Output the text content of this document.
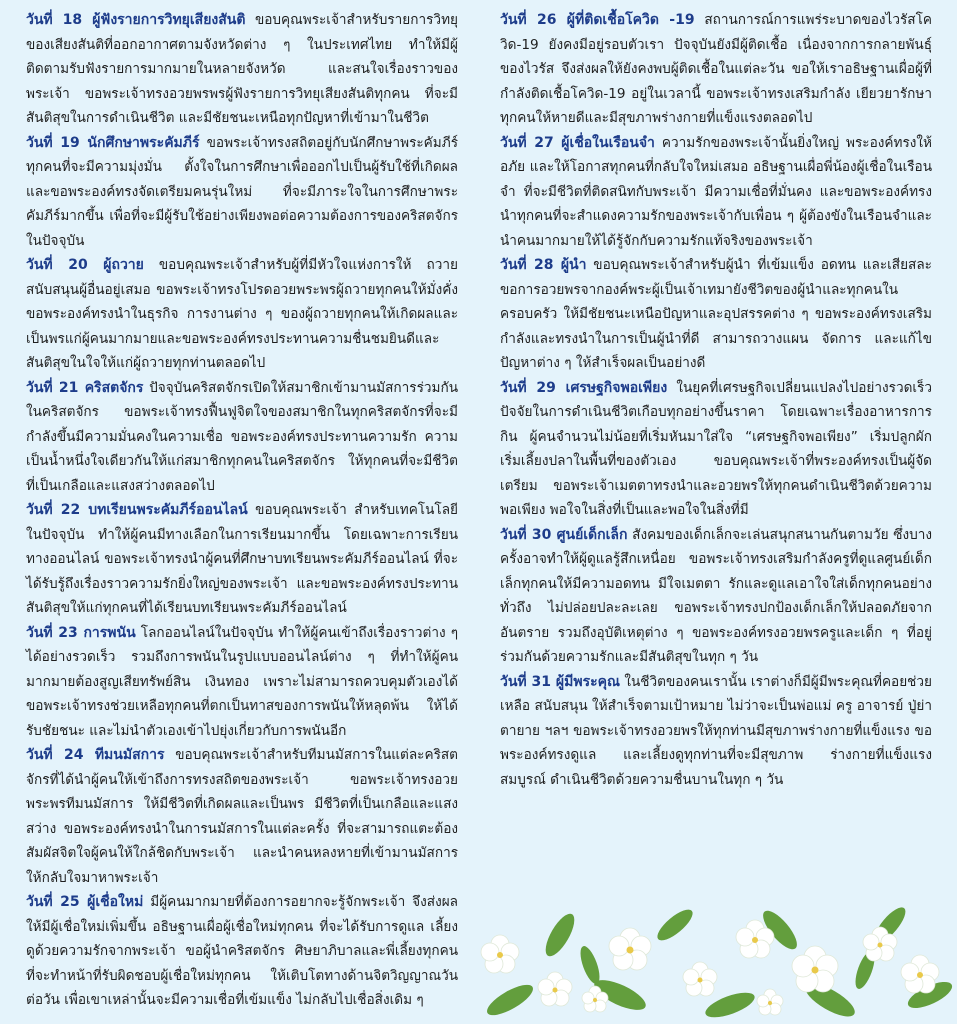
วันที่ 18 ผู้ฟังรายการวิทยุเสียงสันติ ขอบคุณพระเจ้าสำหรับรายการวิทยุของเสียงสันติที่ออกอากาศตามจังหวัดต่าง ๆ ในประเทศไทย ทำให้มีผู้ติดตามรับฟังรายการมากมายในหลายจังหวัด และสนใจเรื่องราวของพระเจ้า ขอพระเจ้าทรงอวยพรพรผู้ฟังรายการวิทยุเสียงสันติทุกคน ที่จะมีสันติสุขในการดำเนินชีวิต และมีชัยชนะเหนือทุกปัญหาที่เข้ามาในชีวิต

วันที่ 19 นักศึกษาพระคัมภีร์ ขอพระเจ้าทรงสถิตอยู่กับนักศึกษาพระคัมภีร์ทุกคนที่จะมีความมุ่งมั่น ตั้งใจในการศึกษาเพื่อออกไปเป็นผู้รับใช้ที่เกิดผล และขอพระองค์ทรงจัดเตรียมคนรุ่นใหม่ ที่จะมีภาระใจในการศึกษาพระคัมภีร์มากขึ้น เพื่อที่จะมีผู้รับใช้อย่างเพียงพอต่อความต้องการของคริสตจักรในปัจจุบัน

วันที่ 20 ผู้ถวาย ขอบคุณพระเจ้าสำหรับผู้ที่มีหัวใจแห่งการให้ ถวาย สนับสนุนผู้อื่นอยู่เสมอ ขอพระเจ้าทรงโปรดอวยพระพรผู้ถวายทุกคนให้มั่งคั่ง ขอพระองค์ทรงนำในธุรกิจ การงานต่าง ๆ ของผู้ถวายทุกคนให้เกิดผลและเป็นพรแก่ผู้คนมากมายและขอพระองค์ทรงประทานความชื่นชมยินดีและสันติสุขในใจให้แก่ผู้ถวายทุกท่านตลอดไป

วันที่ 21 คริสตจักร ปัจจุบันคริสตจักรเปิดให้สมาชิกเข้ามานมัสการร่วมกันในคริสตจักร ขอพระเจ้าทรงฟื้นฟูจิตใจของสมาชิกในทุกคริสตจักรที่จะมีกำลังขึ้นมีความมั่นคงในความเชื่อ ขอพระองค์ทรงประทานความรัก ความเป็นน้ำหนึ่งใจเดียวกันให้แก่สมาชิกทุกคนในคริสตจักร ให้ทุกคนที่จะมีชีวิตที่เป็นเกลือและแสงสว่างตลอดไป

วันที่ 22 บทเรียนพระคัมภีร์ออนไลน์ ขอบคุณพระเจ้า สำหรับเทคโนโลยีในปัจจุบัน ทำให้ผู้คนมีทางเลือกในการเรียนมากขึ้น โดยเฉพาะการเรียนทางออนไลน์ ขอพระเจ้าทรงนำผู้คนที่ศึกษาบทเรียนพระคัมภีร์ออนไลน์ ที่จะได้รับรู้ถึงเรื่องราวความรักยิ่งใหญ่ของพระเจ้า และขอพระองค์ทรงประทานสันติสุขให้แก่ทุกคนที่ได้เรียนบทเรียนพระคัมภีร์ออนไลน์

วันที่ 23 การพนัน โลกออนไลน์ในปัจจุบัน ทำให้ผู้คนเข้าถึงเรื่องราวต่าง ๆ ได้อย่างรวดเร็ว รวมถึงการพนันในรูปแบบออนไลน์ต่าง ๆ ที่ทำให้ผู้คนมากมายต้องสูญเสียทรัพย์สิน เงินทอง เพราะไม่สามารถควบคุมตัวเองได้ ขอพระเจ้าทรงช่วยเหลือทุกคนที่ตกเป็นทาสของการพนันให้หลุดพ้น ให้ได้รับชัยชนะ และไม่นำตัวเองเข้าไปยุ่งเกี่ยวกับการพนันอีก

วันที่ 24 ทีมนมัสการ ขอบคุณพระเจ้าสำหรับทีมนมัสการในแต่ละคริสตจักรที่ได้นำผู้คนให้เข้าถึงการทรงสถิตของพระเจ้า ขอพระเจ้าทรงอวยพระพรทีมนมัสการ ให้มีชีวิตที่เกิดผลและเป็นพร มีชีวิตที่เป็นเกลือและแสงสว่าง ขอพระองค์ทรงนำในการนมัสการในแต่ละครั้ง ที่จะสามารถแตะต้องสัมผัสจิตใจผู้คนให้ใกล้ชิดกับพระเจ้า และนำคนหลงหายที่เข้ามานมัสการให้กลับใจมาหาพระเจ้า

วันที่ 25 ผู้เชื่อใหม่ มีผู้คนมากมายที่ต้องการอยากจะรู้จักพระเจ้า จึงส่งผลให้มีผู้เชื่อใหม่เพิ่มขึ้น อธิษฐานเผื่อผู้เชื่อใหม่ทุกคน ที่จะได้รับการดูแล เลี้ยงดูด้วยความรักจากพระเจ้า ขอผู้นำคริสตจักร ศิษยาภิบาลและพี่เลี้ยงทุกคน ที่จะทำหน้าที่รับผิดชอบผู้เชื่อใหม่ทุกคน ให้เติบโตทางด้านจิตวิญญาณวันต่อวัน เพื่อเขาเหล่านั้นจะมีความเชื่อที่เข้มแข็ง ไม่กลับไปเชื่อสิ่งเดิม ๆ

วันที่ 26 ผู้ที่ติดเชื้อโควิด -19 สถานการณ์การแพร่ระบาดของไวรัสโควิด-19 ยังคงมีอยู่รอบตัวเรา ปัจจุบันยังมีผู้ติดเชื้อ เนื่องจากการกลายพันธุ์ของไวรัส จึงส่งผลให้ยังคงพบผู้ติดเชื้อในแต่ละวัน ขอให้เราอธิษฐานเผื่อผู้ที่กำลังติดเชื้อโควิด-19 อยู่ในเวลานี้ ขอพระเจ้าทรงเสริมกำลัง เยียวยารักษาทุกคนให้หายดีและมีสุขภาพร่างกายที่แข็งแรงตลอดไป

วันที่ 27 ผู้เชื่อในเรือนจำ ความรักของพระเจ้านั้นยิ่งใหญ่ พระองค์ทรงให้อภัย และให้โอกาสทุกคนที่กลับใจใหม่เสมอ อธิษฐานเผื่อพี่น้องผู้เชื่อในเรือนจำ ที่จะมีชีวิตที่ติดสนิทกับพระเจ้า มีความเชื่อที่มั่นคง และขอพระองค์ทรงนำทุกคนที่จะสำแดงความรักของพระเจ้ากับเพื่อน ๆ ผู้ต้องขังในเรือนจำและนำคนมากมายให้ได้รู้จักกับความรักแท้จริงของพระเจ้า

วันที่ 28 ผู้นำ ขอบคุณพระเจ้าสำหรับผู้นำ ที่เข้มแข็ง อดทน และเสียสละ ขอการอวยพรจากองค์พระผู้เป็นเจ้าเทมายังชีวิตของผู้นำและทุกคนในครอบครัว ให้มีชัยชนะเหนือปัญหาและอุปสรรคต่าง ๆ ขอพระองค์ทรงเสริมกำลังและทรงนำในการเป็นผู้นำที่ดี สามารถวางแผน จัดการ และแก้ไขปัญหาต่าง ๆ ให้สำเร็จผลเป็นอย่างดี

วันที่ 29 เศรษฐกิจพอเพียง ในยุคที่เศรษฐกิจเปลี่ยนแปลงไปอย่างรวดเร็ว ปัจจัยในการดำเนินชีวิตเกือบทุกอย่างขึ้นราคา โดยเฉพาะเรื่องอาหารการกิน ผู้คนจำนวนไม่น้อยที่เริ่มหันมาใส่ใจ “เศรษฐกิจพอเพียง” เริ่มปลูกผัก เริ่มเลี้ยงปลาในพื้นที่ของตัวเอง ขอบคุณพระเจ้าที่พระองค์ทรงเป็นผู้จัดเตรียม ขอพระเจ้าเมตตาทรงนำและอวยพรให้ทุกคนดำเนินชีวิตด้วยความพอเพียง พอใจในสิ่งที่เป็นและพอใจในสิ่งที่มี

วันที่ 30 ศูนย์เด็กเล็ก สังคมของเด็กเล็กจะเล่นสนุกสนานกันตามวัย ซึ่งบางครั้งอาจทำให้ผู้ดูแลรู้สึกเหนื่อย ขอพระเจ้าทรงเสริมกำลังครูที่ดูแลศูนย์เด็กเล็กทุกคนให้มีความอดทน มีใจเมตตา รักและดูแลเอาใจใส่เด็กทุกคนอย่างทั่วถึง ไม่ปล่อยปละละเลย ขอพระเจ้าทรงปกป้องเด็กเล็กให้ปลอดภัยจากอันตราย รวมถึงอุบัติเหตุต่าง ๆ ขอพระองค์ทรงอวยพรครูและเด็ก ๆ ที่อยู่ร่วมกันด้วยความรักและมีสันติสุขในทุก ๆ วัน

วันที่ 31 ผู้มีพระคุณ ในชีวิตของคนเรานั้น เราต่างก็มีผู้มีพระคุณที่คอยช่วยเหลือ สนับสนุน ให้สำเร็จตามเป้าหมาย ไม่ว่าจะเป็นพ่อแม่ ครู อาจารย์ ปู่ย่า ตายาย ฯลฯ ขอพระเจ้าทรงอวยพรให้ทุกท่านมีสุขภาพร่างกายที่แข็งแรง ขอพระองค์ทรงดูแล และเลี้ยงดูทุกท่านที่จะมีสุขภาพ ร่างกายที่แข็งแรง สมบูรณ์ ดำเนินชีวิตด้วยความชื่นบานในทุก ๆ วัน
